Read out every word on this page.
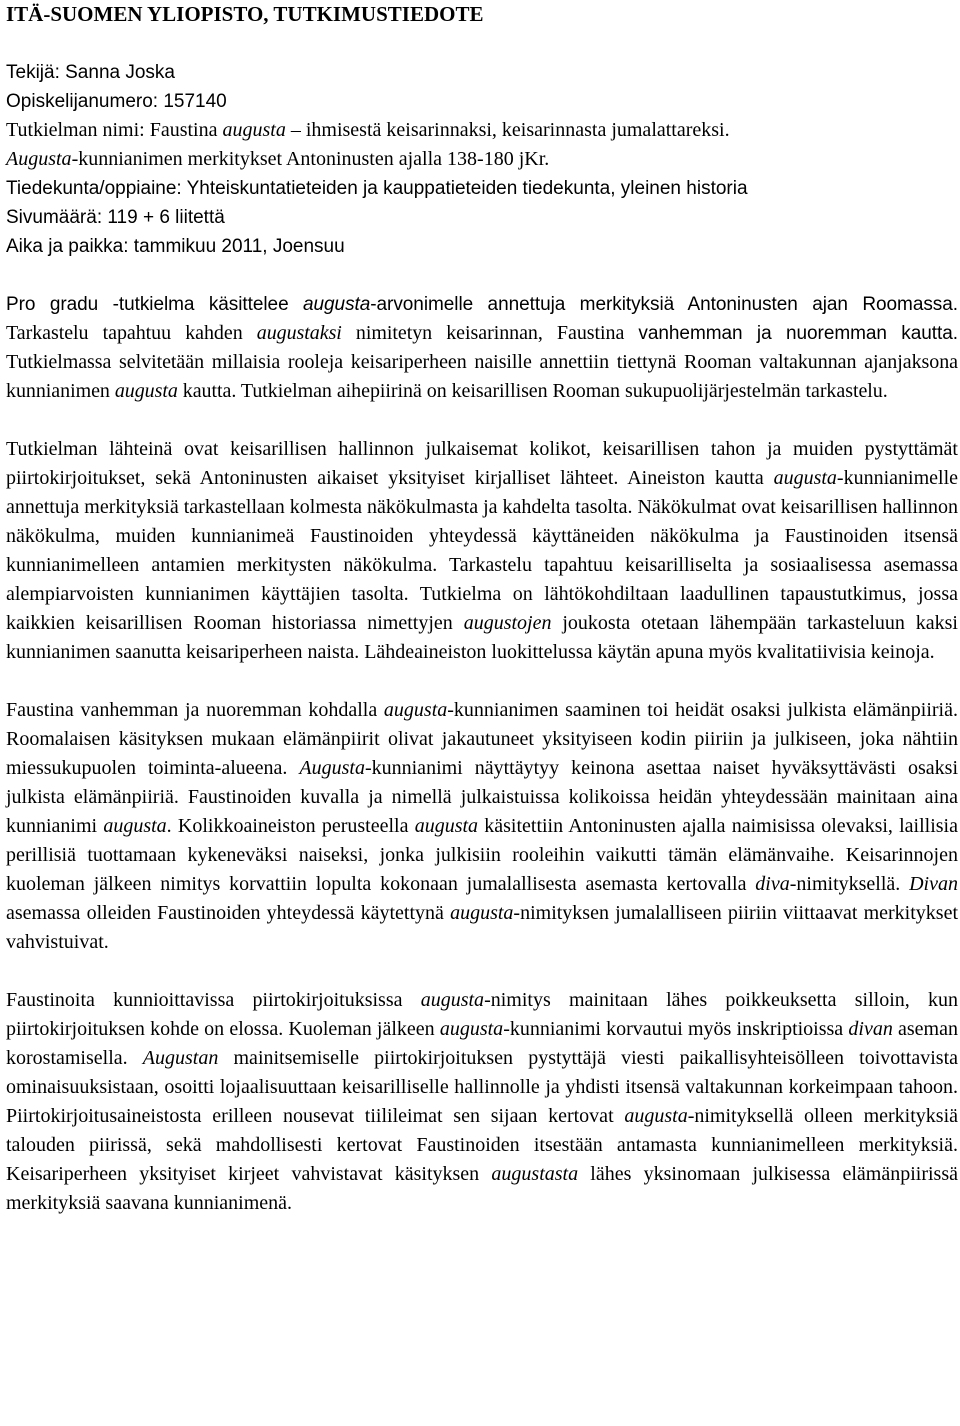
ITÄ-SUOMEN YLIOPISTO, TUTKIMUSTIEDOTE
Tekijä: Sanna Joska
Opiskelijanumero: 157140
Tutkielman nimi: Faustina augusta – ihmisestä keisarinnaksi, keisarinnasta jumalattareksi.
Augusta-kunnianimen merkitykset Antoninusten ajalla 138-180 jKr.
Tiedekunta/oppiaine: Yhteiskuntatieteiden ja kauppatieteiden tiedekunta, yleinen historia
Sivumäärä: 119 + 6 liitettä
Aika ja paikka: tammikuu 2011, Joensuu

Pro gradu -tutkielma käsittelee augusta-arvonimelle annettuja merkityksiä Antoninusten ajan Roomassa. Tarkastelu tapahtuu kahden augustaksi nimitetyn keisarinnan, Faustina vanhemman ja nuoremman kautta. Tutkielmassa selvitetään millaisia rooleja keisariperheen naisille annettiin tiettynä Rooman valtakunnan ajanjaksona kunnianimen augusta kautta. Tutkielman aihepiirinä on keisarillisen Rooman sukupuolijärjestelmän tarkastelu.

Tutkielman lähteinä ovat keisarillisen hallinnon julkaisemat kolikot, keisarillisen tahon ja muiden pystyttämät piirtokirjoitukset, sekä Antoninusten aikaiset yksityiset kirjalliset lähteet. Aineiston kautta augusta-kunnianimelle annettuja merkityksiä tarkastellaan kolmesta näkökulmasta ja kahdelta tasolta. Näkökulmat ovat keisarillisen hallinnon näkökulma, muiden kunnianimeä Faustinoiden yhteydessä käyttäneiden näkökulma ja Faustinoiden itsensä kunnianimelleen antamien merkitysten näkökulma. Tarkastelu tapahtuu keisarilliselta ja sosiaalisessa asemassa alempiarvoisten kunnianimen käyttäjien tasolta. Tutkielma on lähtökohdiltaan laadullinen tapaustutkimus, jossa kaikkien keisarillisen Rooman historiassa nimettyjen augustojen joukosta otetaan lähempään tarkasteluun kaksi kunnianimen saanutta keisariperheen naista. Lähdeaineiston luokittelussa käytän apuna myös kvalitatiivisia keinoja.

Faustina vanhemman ja nuoremman kohdalla augusta-kunnianimen saaminen toi heidät osaksi julkista elämänpiiriä. Roomalaisen käsityksen mukaan elämänpiirit olivat jakautuneet yksityiseen kodin piiriin ja julkiseen, joka nähtiin miessukupuolen toiminta-alueena. Augusta-kunnianimi näyttäytyy keinona asettaa naiset hyväksyttävästi osaksi julkista elämänpiiriä. Faustinoiden kuvalla ja nimellä julkaistuissa kolikoissa heidän yhteydessään mainitaan aina kunnianimi augusta. Kolikkoaineiston perusteella augusta käsitettiin Antoninusten ajalla naimisissa olevaksi, laillisia perillisiä tuottamaan kykeneväksi naiseksi, jonka julkisiin rooleihin vaikutti tämän elämänvaihe. Keisarinnojen kuoleman jälkeen nimitys korvattiin lopulta kokonaan jumalallisesta asemasta kertovalla diva-nimityksellä. Divan asemassa olleiden Faustinoiden yhteydessä käytettynä augusta-nimityksen jumalalliseen piiriin viittaavat merkitykset vahvistuivat.

Faustinoita kunnioittavissa piirtokirjoituksissa augusta-nimitys mainitaan lähes poikkeuksetta silloin, kun piirtokirjoituksen kohde on elossa. Kuoleman jälkeen augusta-kunnianimi korvautui myös inskriptioissa divan aseman korostamisella. Augustan mainitsemiselle piirtokirjoituksen pystyttäjä viesti paikallisyhteisölleen toivottavista ominaisuuksistaan, osoitti lojaalisuuttaan keisarilliselle hallinnolle ja yhdisti itsensä valtakunnan korkeimpaan tahoon. Piirtokirjoitusaineistosta erilleen nousevat tiilileimat sen sijaan kertovat augusta-nimityksellä olleen merkityksiä talouden piirissä, sekä mahdollisesti kertovat Faustinoiden itsestään antamasta kunnianimelleen merkityksiä. Keisariperheen yksityiset kirjeet vahvistavat käsityksen augustasta lähes yksinomaan julkisessa elämänpiirissä merkityksiä saavana kunnianimenä.
